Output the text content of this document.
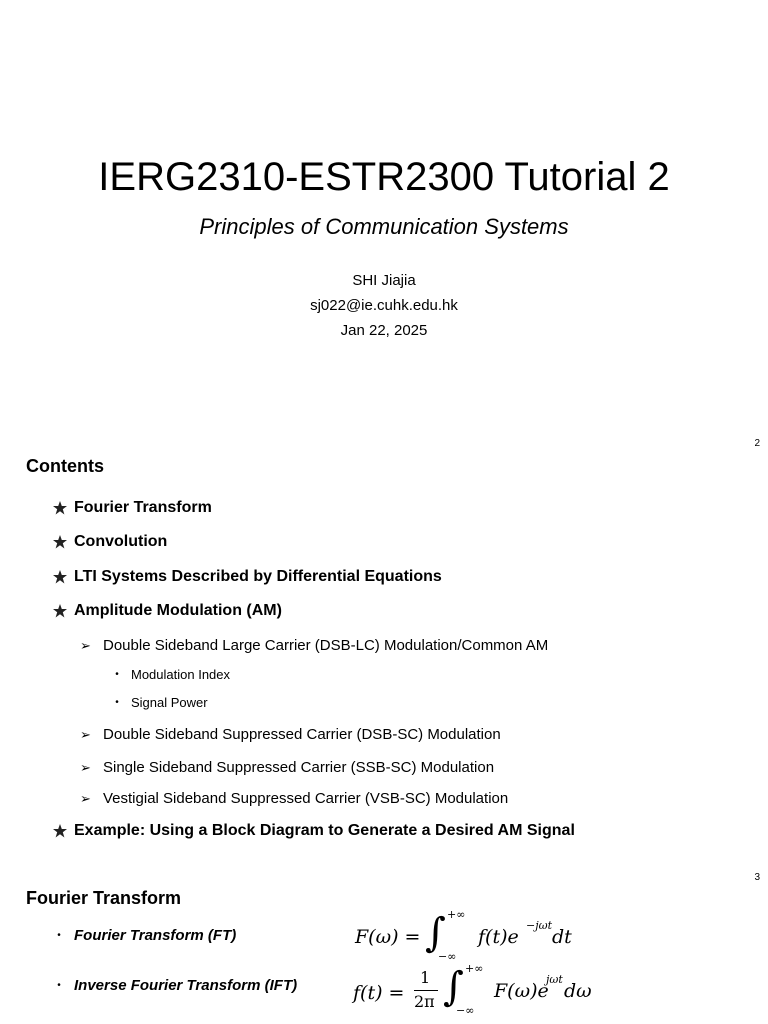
IERG2310-ESTR2300 Tutorial 2
Principles of Communication Systems
SHI Jiajia
sj022@ie.cuhk.edu.hk
Jan 22, 2025
2
Contents
Fourier Transform
Convolution
LTI Systems Described by Differential Equations
Amplitude Modulation (AM)
➢ Double Sideband Large Carrier (DSB-LC) Modulation/Common AM
• Modulation Index
• Signal Power
➢ Double Sideband Suppressed Carrier (DSB-SC) Modulation
➢ Single Sideband Suppressed Carrier (SSB-SC) Modulation
➢ Vestigial Sideband Suppressed Carrier (VSB-SC) Modulation
Example: Using a Block Diagram to Generate a Desired AM Signal
3
Fourier Transform
• Fourier Transform (FT)
• Inverse Fourier Transform (IFT)
F(ω) = ∫ +∞
−∞
f(t)e
−jωt
dt
f(t) =
1
2π ∫ +∞
−∞
F(ω)e
jωt
dω
